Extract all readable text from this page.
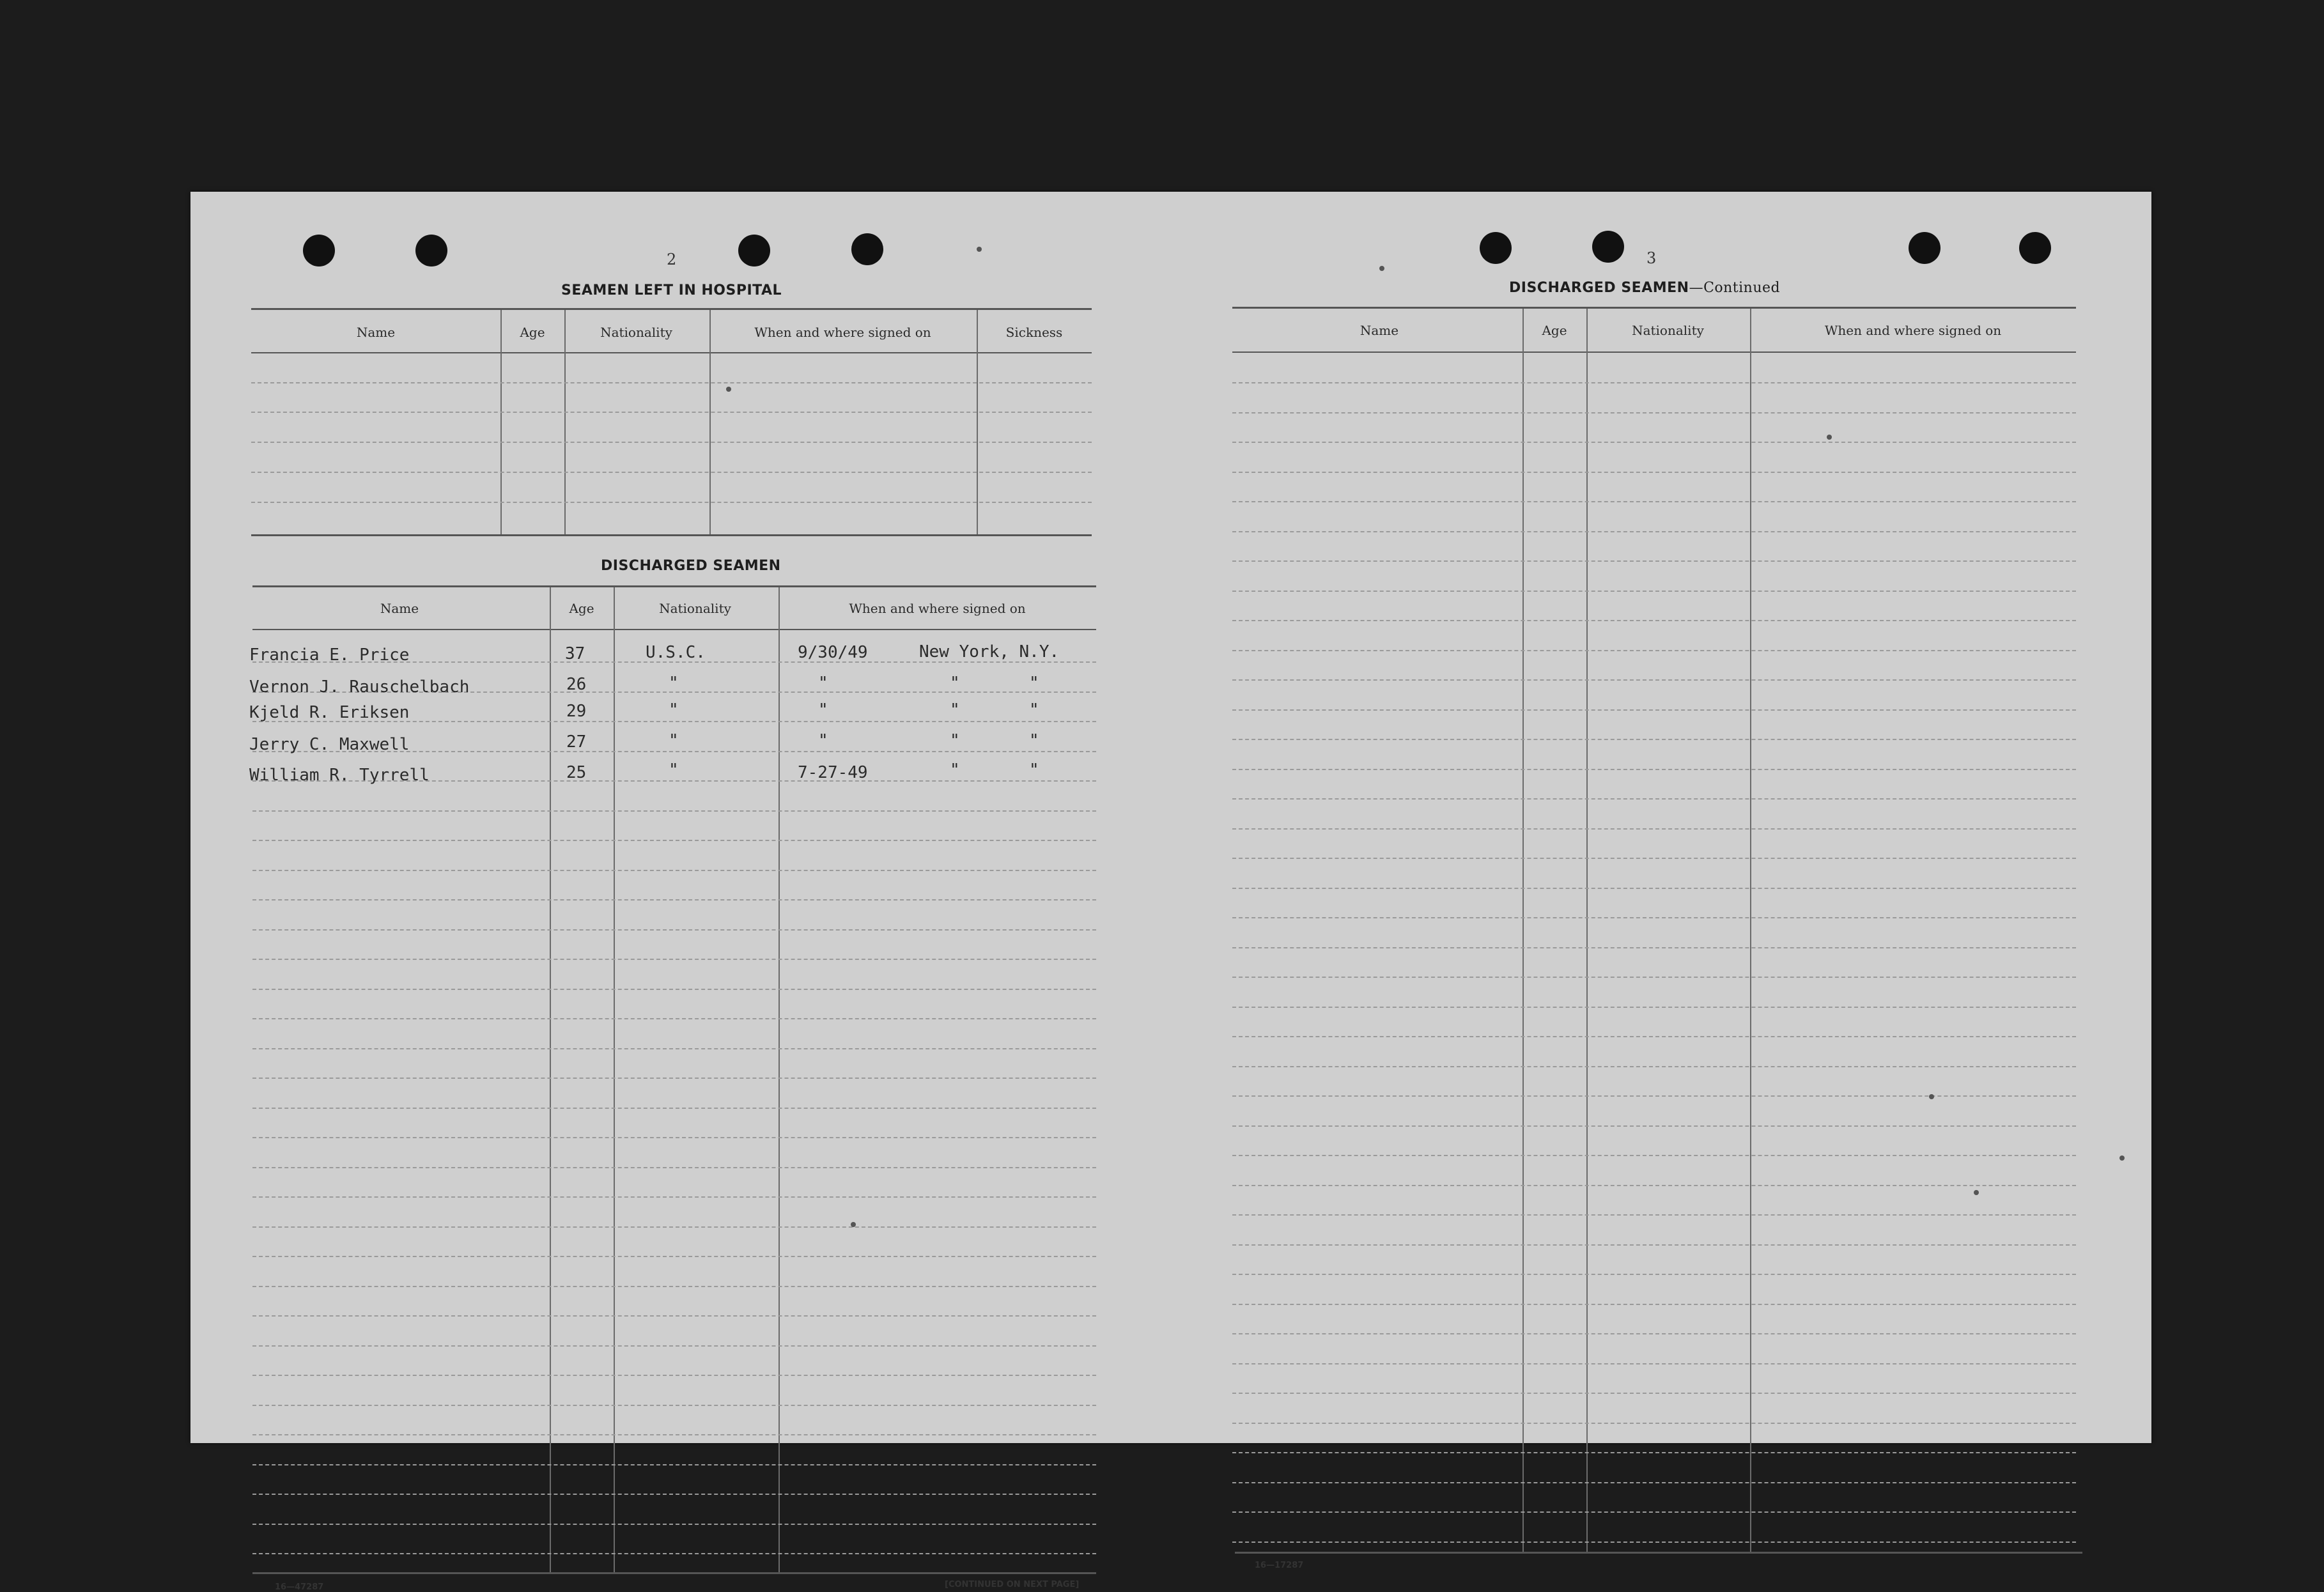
2
SEAMEN LEFT IN HOSPITAL
Name	Age	Nationality	When and where signed on	Sickness
DISCHARGED SEAMEN
Name	Age	Nationality	When and where signed on
Francia E. Price	37	U.S.C.	9/30/49	New York, N.Y.
Vernon J. Rauschelbach	26	"	"	"	"
Kjeld R. Eriksen	29	"	"	"	"
Jerry C. Maxwell	27	"	"	"	"
William R. Tyrrell	25	"	7-27-49	"	"
16—47287	[CONTINUED ON NEXT PAGE]
3
DISCHARGED SEAMEN—Continued
Name	Age	Nationality	When and where signed on
16—17287
